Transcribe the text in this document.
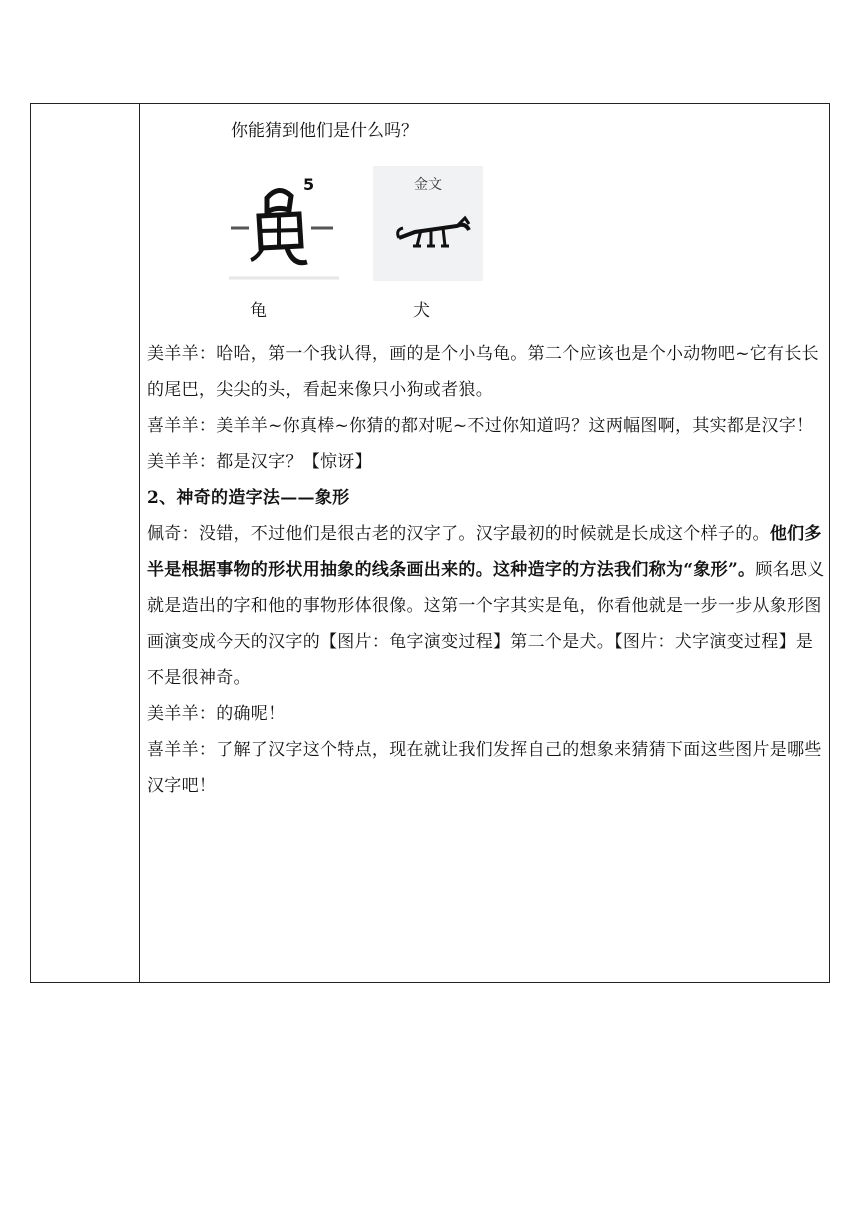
你能猜到他们是什么吗？
5	金文
龟	犬

美羊羊：哈哈，第一个我认得，画的是个小乌龟。第二个应该也是个小动物吧~它有长长的尾巴，尖尖的头，看起来像只小狗或者狼。

喜羊羊：美羊羊~你真棒~你猜的都对呢~不过你知道吗？这两幅图啊，其实都是汉字！

美羊羊：都是汉字？【惊讶】

2、神奇的造字法——象形

佩奇：没错，不过他们是很古老的汉字了。汉字最初的时候就是长成这个样子的。他们多半是根据事物的形状用抽象的线条画出来的。这种造字的方法我们称为“象形”。顾名思义就是造出的字和他的事物形体很像。这第一个字其实是龟，你看他就是一步一步从象形图画演变成今天的汉字的【图片：龟字演变过程】第二个是犬。【图片：犬字演变过程】是不是很神奇。

美羊羊：的确呢！

喜羊羊：了解了汉字这个特点，现在就让我们发挥自己的想象来猜猜下面这些图片是哪些汉字吧！
